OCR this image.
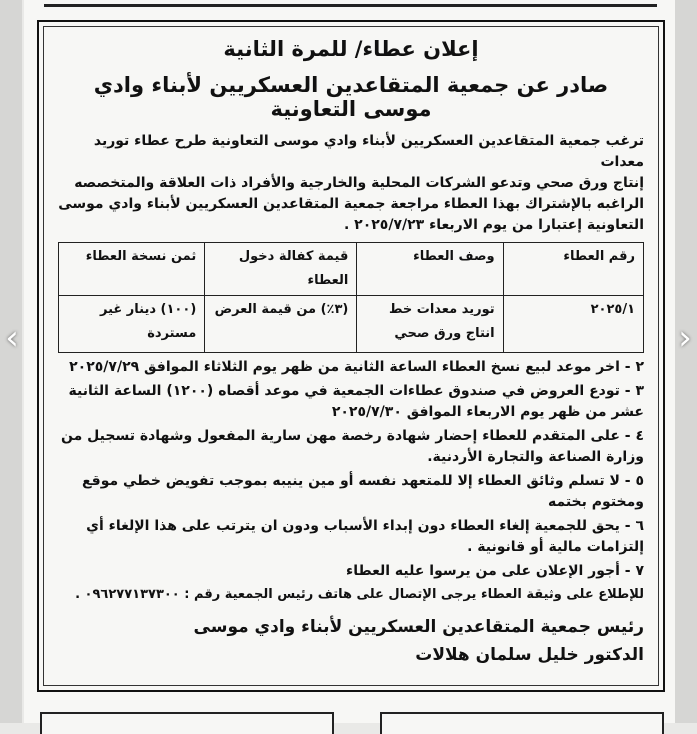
إعلان عطاء/ للمرة الثانية
صادر عن جمعية المتقاعدين العسكريين لأبناء وادي موسى التعاونية

ترغب جمعية المتقاعدين العسكريين لأبناء وادي موسى التعاونية طرح عطاء توريد معدات

إنتاج ورق صحي وتدعو الشركات المحلية والخارجية والأفراد ذات العلاقة والمتخصصه

الراغبه بالإشتراك بهذا العطاء مراجعة جمعية المتقاعدين العسكريين لأبناء وادي موسى

التعاونية إعتبارا من يوم الاربعاء ٢٠٢٥/٧/٢٣ .

رقم العطاء	وصف العطاء	قيمة كفالة دخول العطاء	ثمن نسخة العطاء
٢٠٢٥/١	توريد معدات خط انتاج ورق صحي	(٣٪) من قيمة العرض	(١٠٠) دينار غير مستردة

٢ - اخر موعد لبيع نسخ العطاء الساعة الثانية من ظهر يوم الثلاثاء الموافق ٢٠٢٥/٧/٢٩

٣ - تودع العروض في صندوق عطاءات الجمعية في موعد أقصاه (١٢٠٠) الساعة الثانية عشر من ظهر يوم الاربعاء الموافق ٢٠٢٥/٧/٣٠

٤ - على المتقدم للعطاء إحضار شهادة رخصة مهن سارية المفعول وشهادة تسجيل من وزارة الصناعة والتجارة الأردنية.

٥ - لا تسلم وثائق العطاء إلا للمتعهد نفسه أو مين ينيبه بموجب تفويض خطي موقع ومختوم بختمه

٦ - يحق للجمعية إلغاء العطاء دون إبداء الأسباب ودون ان يترتب على هذا الإلغاء أي إلتزامات مالية أو قانونية .

٧ - أجور الإعلان على من يرسوا عليه العطاء

للإطلاع على وثيقة العطاء يرجى الإتصال على هاتف رئيس الجمعية رقم : ٠٩٦٢٧٧١٣٧٣٠٠ .

رئيس جمعية المتقاعدين العسكريين لأبناء وادي موسى

الدكتور خليل سلمان هلالات

‹	›
